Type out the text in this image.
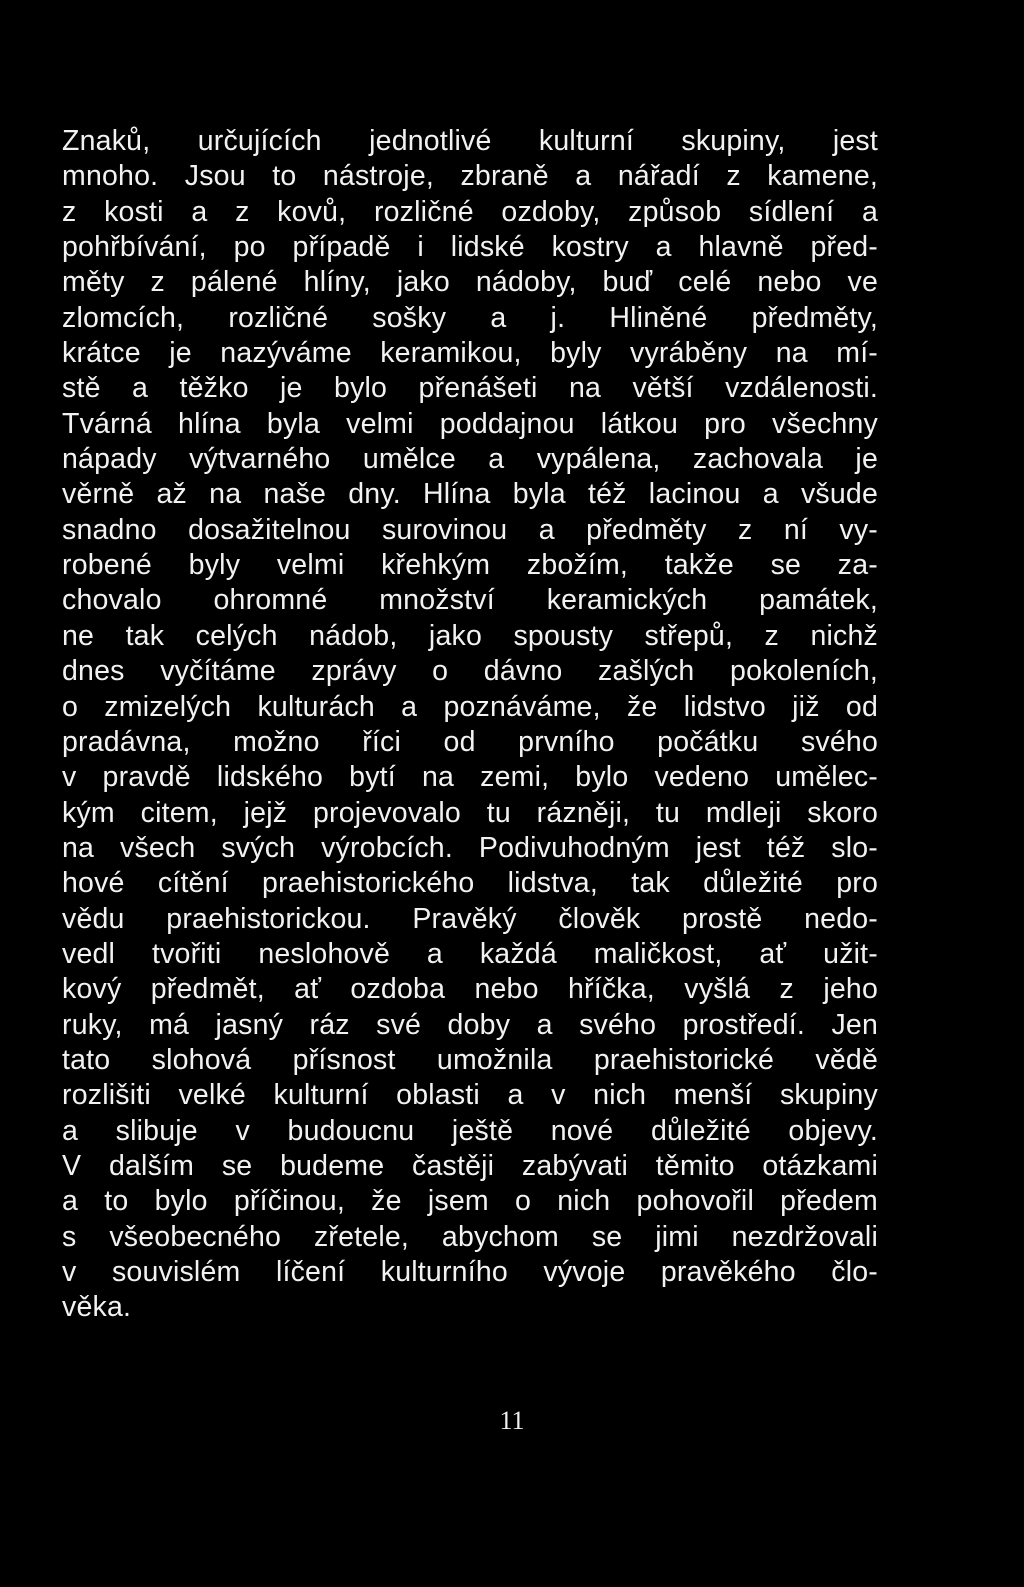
Znaků, určujících jednotlivé kulturní skupiny, jest
mnoho. Jsou to nástroje, zbraně a nářadí z kamene,
z kosti a z kovů, rozličné ozdoby, způsob sídlení a
pohřbívání, po případě i lidské kostry a hlavně před-
měty z pálené hlíny, jako nádoby, buď celé nebo ve
zlomcích, rozličné sošky a j. Hliněné předměty,
krátce je nazýváme keramikou, byly vyráběny na mí-
stě a těžko je bylo přenášeti na větší vzdálenosti.
Tvárná hlína byla velmi poddajnou látkou pro všechny
nápady výtvarného umělce a vypálena, zachovala je
věrně až na naše dny. Hlína byla též lacinou a všude
snadno dosažitelnou surovinou a předměty z ní vy-
robené byly velmi křehkým zbožím, takže se za-
chovalo ohromné množství keramických památek,
ne tak celých nádob, jako spousty střepů, z nichž
dnes vyčítáme zprávy o dávno zašlých pokoleních,
o zmizelých kulturách a poznáváme, že lidstvo již od
pradávna, možno říci od prvního počátku svého
v pravdě lidského bytí na zemi, bylo vedeno umělec-
kým citem, jejž projevovalo tu rázněji, tu mdleji skoro
na všech svých výrobcích. Podivuhodným jest též slo-
hové cítění praehistorického lidstva, tak důležité pro
vědu praehistorickou. Pravěký člověk prostě nedo-
vedl tvořiti neslohově a každá maličkost, ať užit-
kový předmět, ať ozdoba nebo hříčka, vyšlá z jeho
ruky, má jasný ráz své doby a svého prostředí. Jen
tato slohová přísnost umožnila praehistorické vědě
rozlišiti velké kulturní oblasti a v nich menší skupiny
a slibuje v budoucnu ještě nové důležité objevy.
V dalším se budeme častěji zabývati těmito otázkami
a to bylo příčinou, že jsem o nich pohovořil předem
s všeobecného zřetele, abychom se jimi nezdržovali
v souvislém líčení kulturního vývoje pravěkého člo-
věka.
11
